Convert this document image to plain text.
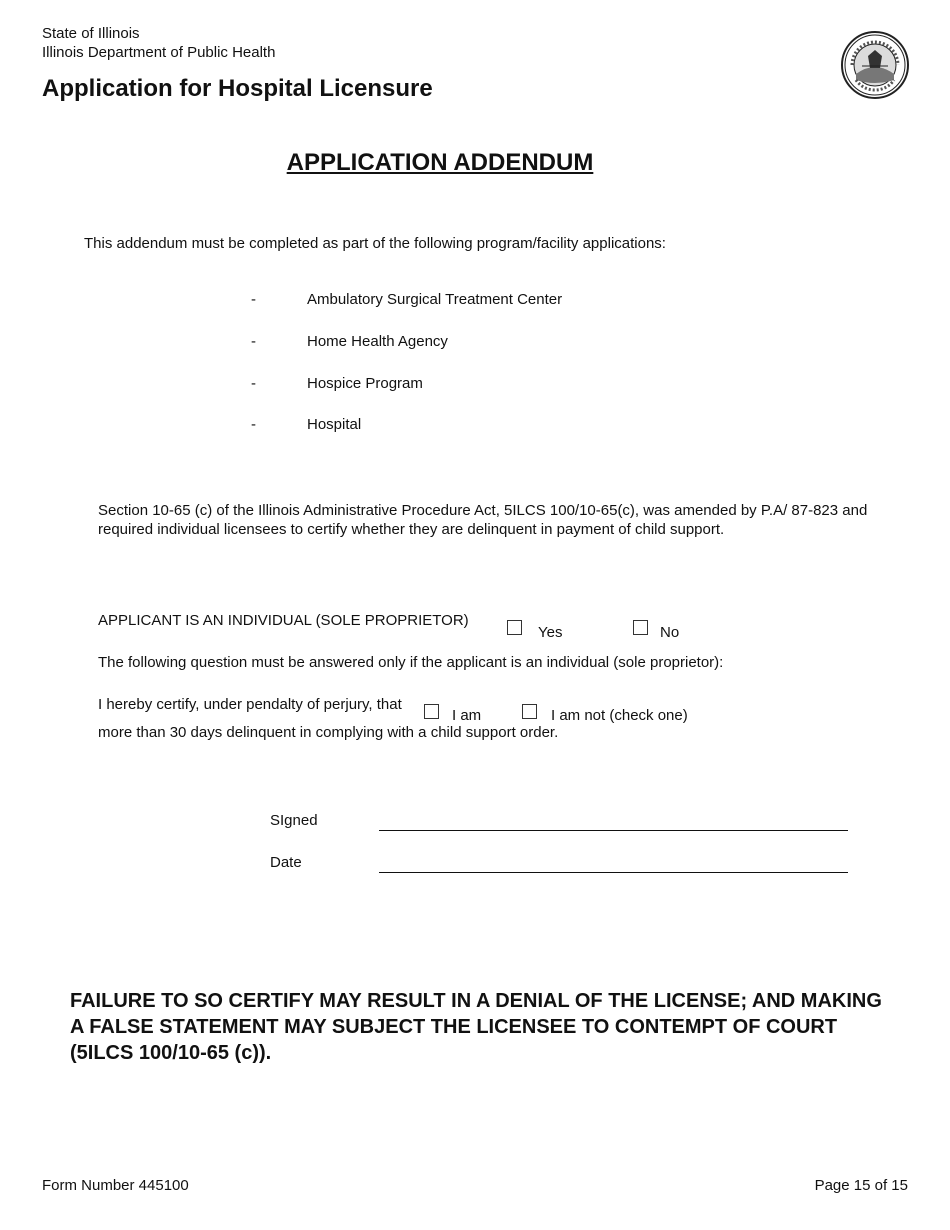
State of Illinois
Illinois Department of Public Health
Application for Hospital Licensure
APPLICATION ADDENDUM
This addendum must be completed as part of the following program/facility applications:
-	Ambulatory Surgical Treatment Center
-	Home Health Agency
-	Hospice Program
-	Hospital
Section 10-65 (c) of the Illinois Administrative Procedure Act, 5ILCS 100/10-65(c), was amended by P.A/ 87-823 and required individual licensees to certify whether they are delinquent in payment of child support.
APPLICANT IS AN INDIVIDUAL (SOLE PROPRIETOR)
Yes	No
The following question must be answered only if the applicant is an individual (sole proprietor):
I hereby certify, under pendalty of perjury, that
I am	I am not (check one)
more than 30 days delinquent in complying with a child support order.
SIgned
Date
FAILURE TO SO CERTIFY MAY RESULT IN A DENIAL OF THE LICENSE; AND MAKING A FALSE STATEMENT MAY SUBJECT THE LICENSEE TO CONTEMPT OF COURT (5ILCS 100/10-65 (c)).
Form Number 445100	Page 15 of 15
